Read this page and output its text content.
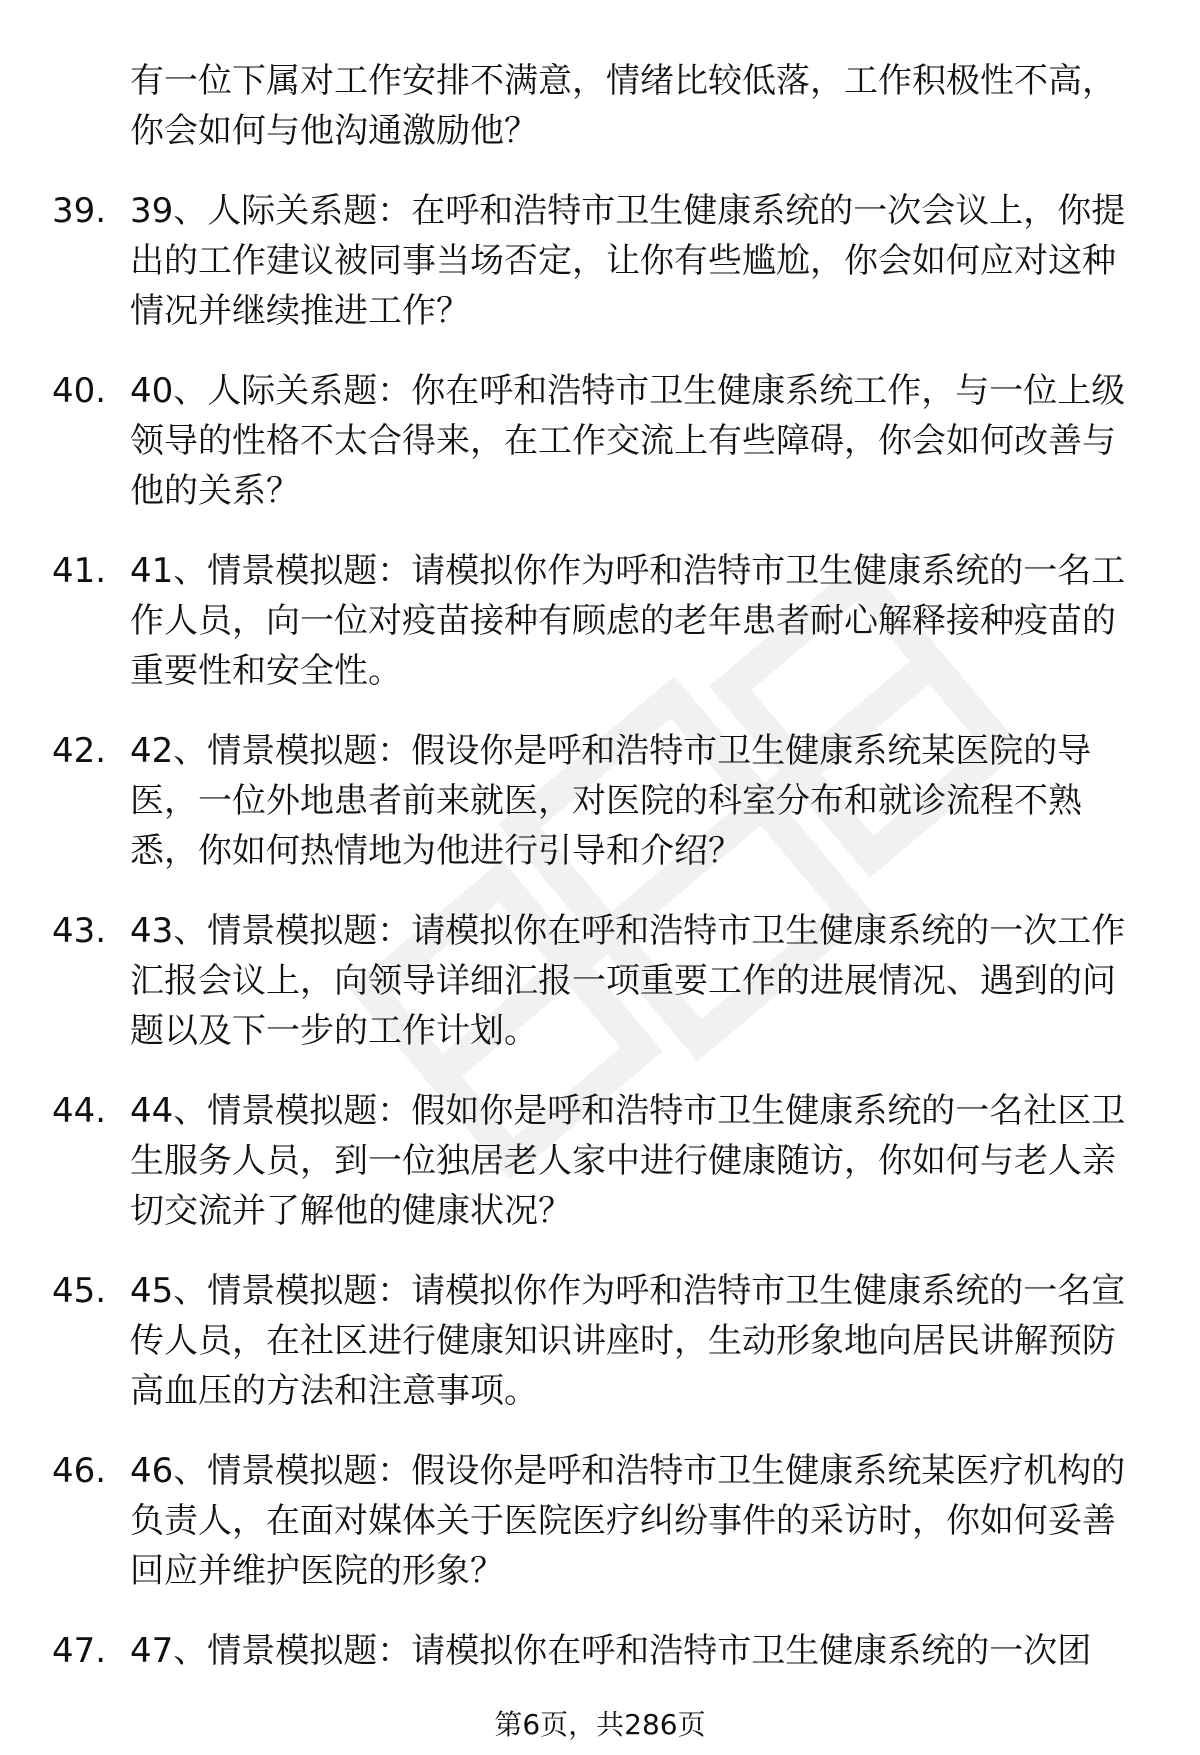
有一位下属对工作安排不满意，情绪比较低落，工作积极性不高，你会如何与他沟通激励他？
39. 39、人际关系题：在呼和浩特市卫生健康系统的一次会议上，你提出的工作建议被同事当场否定，让你有些尴尬，你会如何应对这种情况并继续推进工作？
40. 40、人际关系题：你在呼和浩特市卫生健康系统工作，与一位上级领导的性格不太合得来，在工作交流上有些障碍，你会如何改善与他的关系？
41. 41、情景模拟题：请模拟你作为呼和浩特市卫生健康系统的一名工作人员，向一位对疫苗接种有顾虑的老年患者耐心解释接种疫苗的重要性和安全性。
42. 42、情景模拟题：假设你是呼和浩特市卫生健康系统某医院的导医，一位外地患者前来就医，对医院的科室分布和就诊流程不熟悉，你如何热情地为他进行引导和介绍？
43. 43、情景模拟题：请模拟你在呼和浩特市卫生健康系统的一次工作汇报会议上，向领导详细汇报一项重要工作的进展情况、遇到的问题以及下一步的工作计划。
44. 44、情景模拟题：假如你是呼和浩特市卫生健康系统的一名社区卫生服务人员，到一位独居老人家中进行健康随访，你如何与老人亲切交流并了解他的健康状况？
45. 45、情景模拟题：请模拟你作为呼和浩特市卫生健康系统的一名宣传人员，在社区进行健康知识讲座时，生动形象地向居民讲解预防高血压的方法和注意事项。
46. 46、情景模拟题：假设你是呼和浩特市卫生健康系统某医疗机构的负责人，在面对媒体关于医院医疗纠纷事件的采访时，你如何妥善回应并维护医院的形象？
47. 47、情景模拟题：请模拟你在呼和浩特市卫生健康系统的一次团
第6页，共286页
